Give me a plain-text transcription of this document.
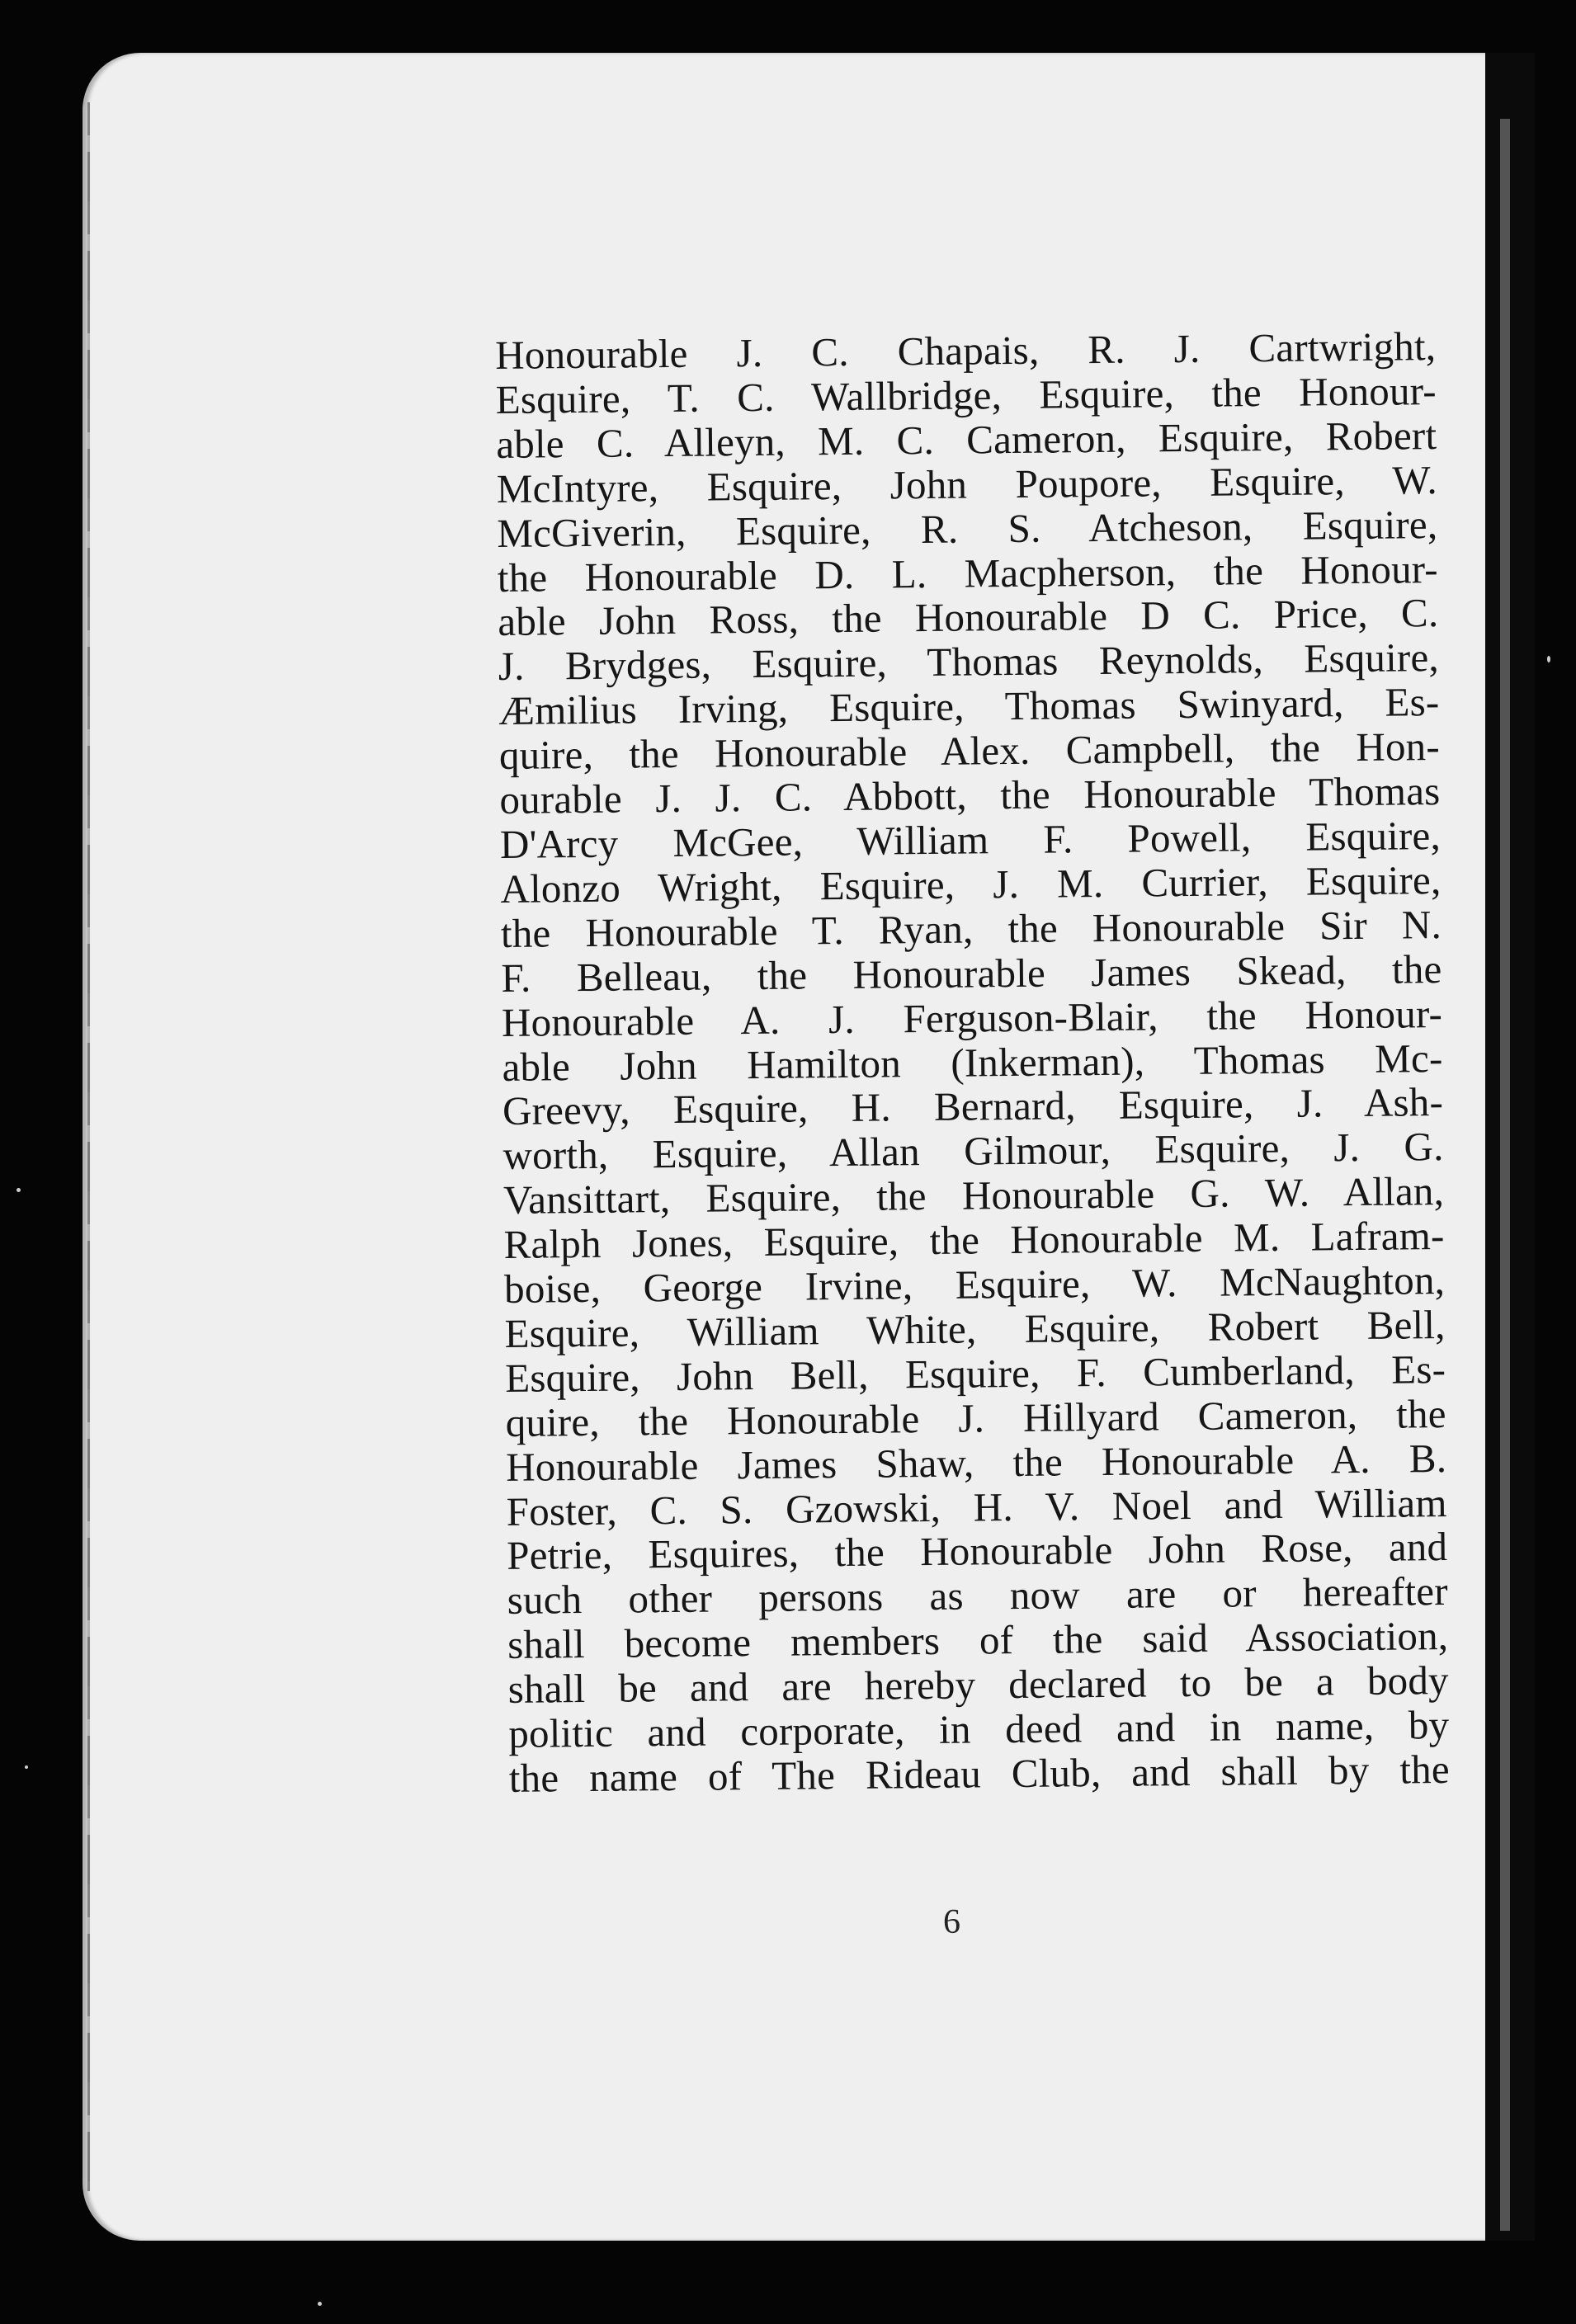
Honourable J. C. Chapais, R. J. Cartwright,
Esquire, T. C. Wallbridge, Esquire, the Honour-
able C. Alleyn, M. C. Cameron, Esquire, Robert
McIntyre, Esquire, John Poupore, Esquire, W.
McGiverin, Esquire, R. S. Atcheson, Esquire,
the Honourable D. L. Macpherson, the Honour-
able John Ross, the Honourable D C. Price, C.
J. Brydges, Esquire, Thomas Reynolds, Esquire,
Æmilius Irving, Esquire, Thomas Swinyard, Es-
quire, the Honourable Alex. Campbell, the Hon-
ourable J. J. C. Abbott, the Honourable Thomas
D'Arcy McGee, William F. Powell, Esquire,
Alonzo Wright, Esquire, J. M. Currier, Esquire,
the Honourable T. Ryan, the Honourable Sir N.
F. Belleau, the Honourable James Skead, the
Honourable A. J. Ferguson-Blair, the Honour-
able John Hamilton (Inkerman), Thomas Mc-
Greevy, Esquire, H. Bernard, Esquire, J. Ash-
worth, Esquire, Allan Gilmour, Esquire, J. G.
Vansittart, Esquire, the Honourable G. W. Allan,
Ralph Jones, Esquire, the Honourable M. Lafram-
boise, George Irvine, Esquire, W. McNaughton,
Esquire, William White, Esquire, Robert Bell,
Esquire, John Bell, Esquire, F. Cumberland, Es-
quire, the Honourable J. Hillyard Cameron, the
Honourable James Shaw, the Honourable A. B.
Foster, C. S. Gzowski, H. V. Noel and William
Petrie, Esquires, the Honourable John Rose, and
such other persons as now are or hereafter
shall become members of the said Association,
shall be and are hereby declared to be a body
politic and corporate, in deed and in name, by
the name of The Rideau Club, and shall by the
6
